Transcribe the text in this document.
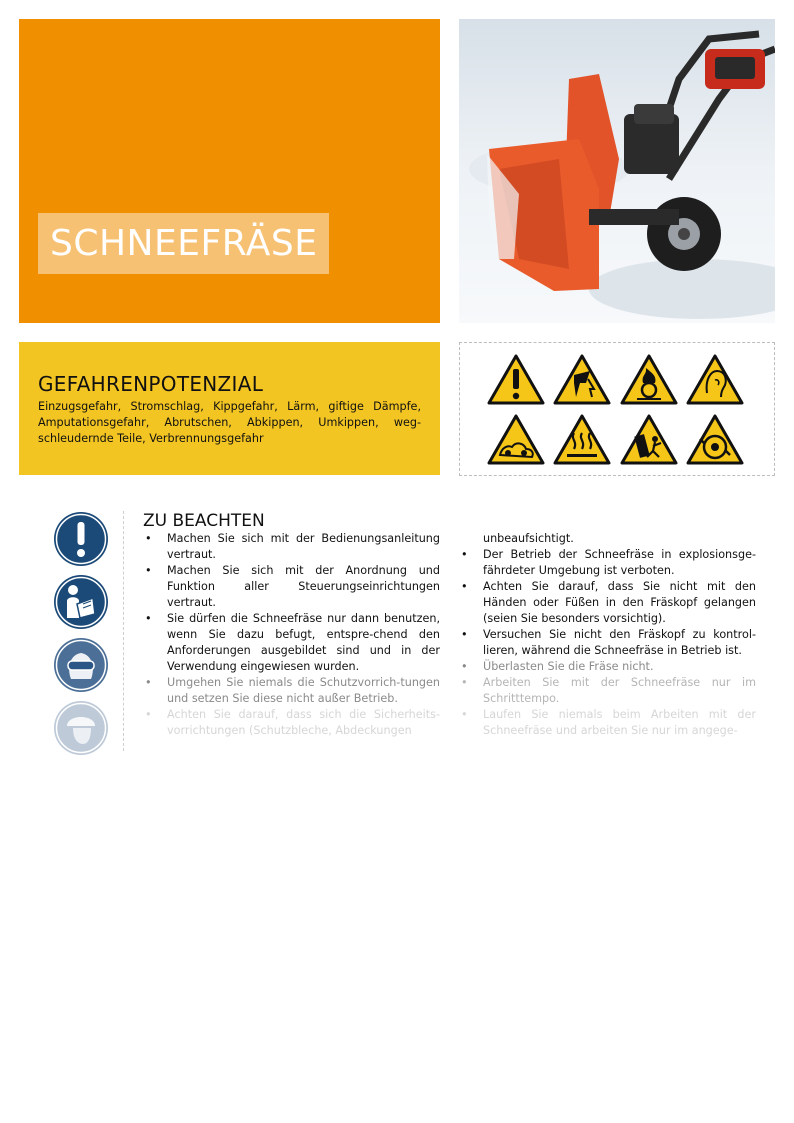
SCHNEEFRÄSE
GEFAHRENPOTENZIAL

Einzugsgefahr, Stromschlag, Kippgefahr, Lärm, giftige Dämpfe, Amputationsgefahr, Abrutschen, Abkippen, Umkippen, weg-schleudernde Teile, Verbrennungsgefahr

ZU BEACHTEN
• Machen Sie sich mit der Bedienungsanleitung vertraut.
• Machen Sie sich mit der Anordnung und Funktion aller Steuerungseinrichtungen vertraut.
• Sie dürfen die Schneefräse nur dann benutzen, wenn Sie dazu befugt, entspre-chend den Anforderungen ausgebildet sind und in der Verwendung eingewiesen wurden.
• Umgehen Sie niemals die Schutzvorrich-tungen und setzen Sie diese nicht außer Betrieb.
• Achten Sie darauf, dass sich die Sicherheits-vorrichtungen (Schutzbleche, Abdeckungen
unbeaufsichtigt.
• Der Betrieb der Schneefräse in explosionsge-fährdeter Umgebung ist verboten.
• Achten Sie darauf, dass Sie nicht mit den Händen oder Füßen in den Fräskopf gelangen (seien Sie besonders vorsichtig).
• Versuchen Sie nicht den Fräskopf zu kontrol-lieren, während die Schneefräse in Betrieb ist.
• Überlasten Sie die Fräse nicht.
• Arbeiten Sie mit der Schneefräse nur im Schritttempo.
• Laufen Sie niemals beim Arbeiten mit der Schneefräse und arbeiten Sie nur im angege-
